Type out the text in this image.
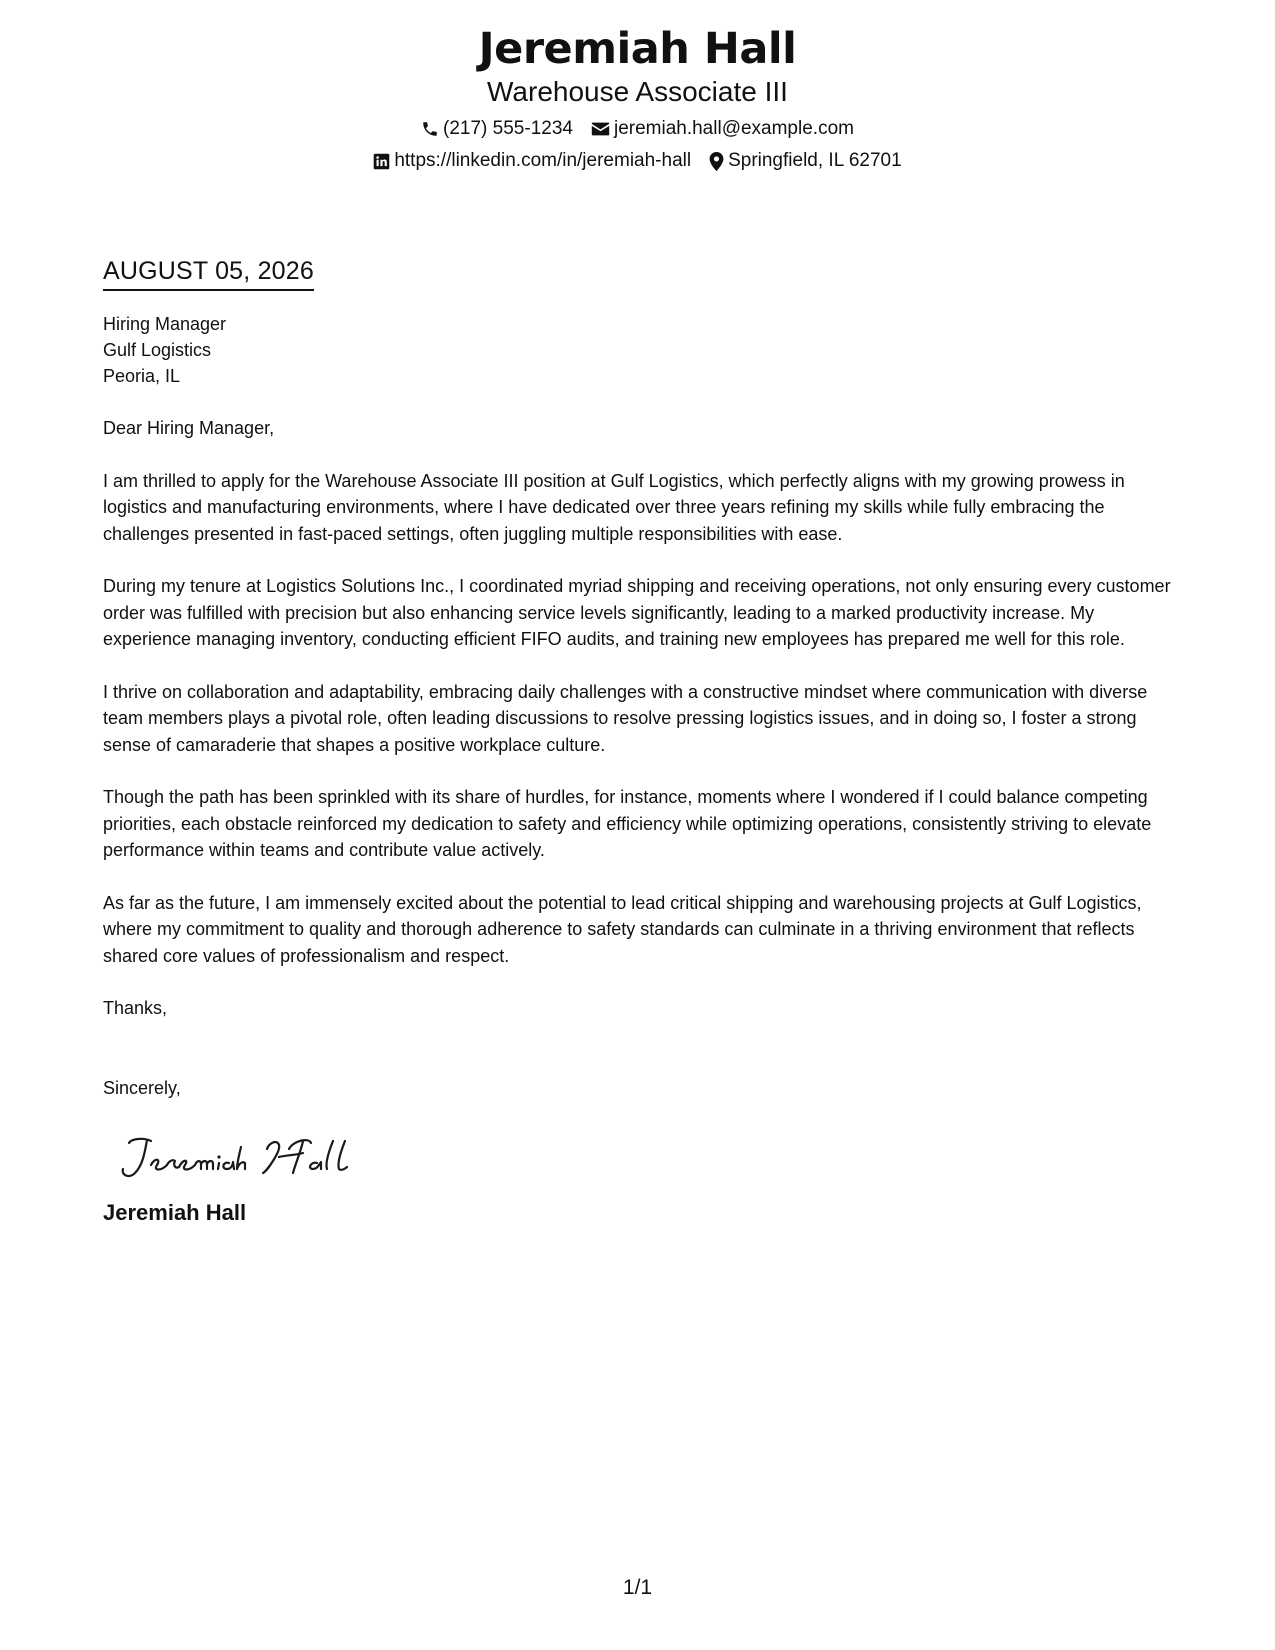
Jeremiah Hall
Warehouse Associate III
(217) 555-1234 jeremiah.hall@example.com
https://linkedin.com/in/jeremiah-hall Springfield, IL 62701
AUGUST 05, 2026
Hiring Manager
Gulf Logistics
Peoria, IL

Dear Hiring Manager,

I am thrilled to apply for the Warehouse Associate III position at Gulf Logistics, which perfectly aligns with my growing prowess in logistics and manufacturing environments, where I have dedicated over three years refining my skills while fully embracing the challenges presented in fast-paced settings, often juggling multiple responsibilities with ease.

During my tenure at Logistics Solutions Inc., I coordinated myriad shipping and receiving operations, not only ensuring every customer order was fulfilled with precision but also enhancing service levels significantly, leading to a marked productivity increase. My experience managing inventory, conducting efficient FIFO audits, and training new employees has prepared me well for this role.

I thrive on collaboration and adaptability, embracing daily challenges with a constructive mindset where communication with diverse team members plays a pivotal role, often leading discussions to resolve pressing logistics issues, and in doing so, I foster a strong sense of camaraderie that shapes a positive workplace culture.

Though the path has been sprinkled with its share of hurdles, for instance, moments where I wondered if I could balance competing priorities, each obstacle reinforced my dedication to safety and efficiency while optimizing operations, consistently striving to elevate performance within teams and contribute value actively.

As far as the future, I am immensely excited about the potential to lead critical shipping and warehousing projects at Gulf Logistics, where my commitment to quality and thorough adherence to safety standards can culminate in a thriving environment that reflects shared core values of professionalism and respect.

Thanks,

Sincerely,

Jeremiah Hall
1/1
